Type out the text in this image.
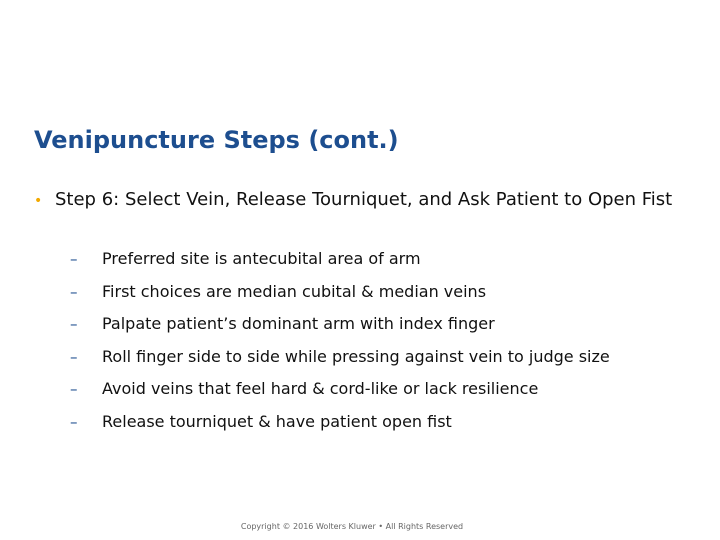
Venipuncture Steps (cont.)
• Step 6: Select Vein, Release Tourniquet, and Ask Patient to Open Fist
– Preferred site is antecubital area of arm
– First choices are median cubital & median veins
– Palpate patient’s dominant arm with index finger
– Roll finger side to side while pressing against vein to judge size
– Avoid veins that feel hard & cord-like or lack resilience
– Release tourniquet & have patient open fist
Copyright © 2016 Wolters Kluwer • All Rights Reserved
